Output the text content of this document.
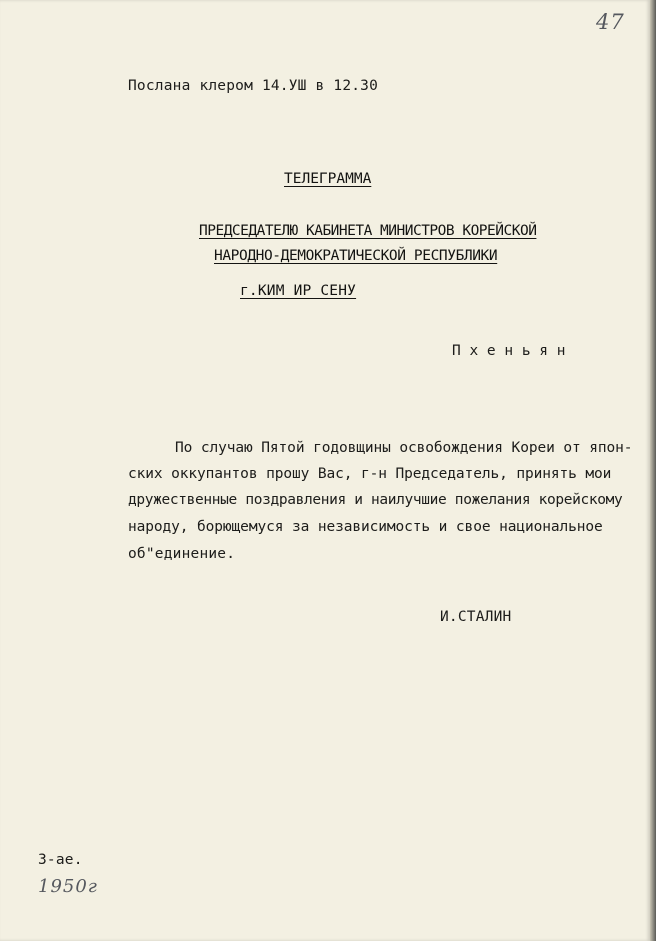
47
Послана клером 14.УШ в 12.30
ТЕЛЕГРАММА
ПРЕДСЕДАТЕЛЮ КАБИНЕТА МИНИСТРОВ КОРЕЙСКОЙ
НАРОДНО-ДЕМОКРАТИЧЕСКОЙ РЕСПУБЛИКИ
г.КИМ ИР СЕНУ
П х е н ь я н
По случаю Пятой годовщины освобождения Кореи от япон-
ских оккупантов прошу Вас, г-н Председатель, принять мои
дружественные поздравления и наилучшие пожелания корейскому
народу, борющемуся за независимость и свое национальное
об"единение.
И.СТАЛИН
3-ае.
1950г
